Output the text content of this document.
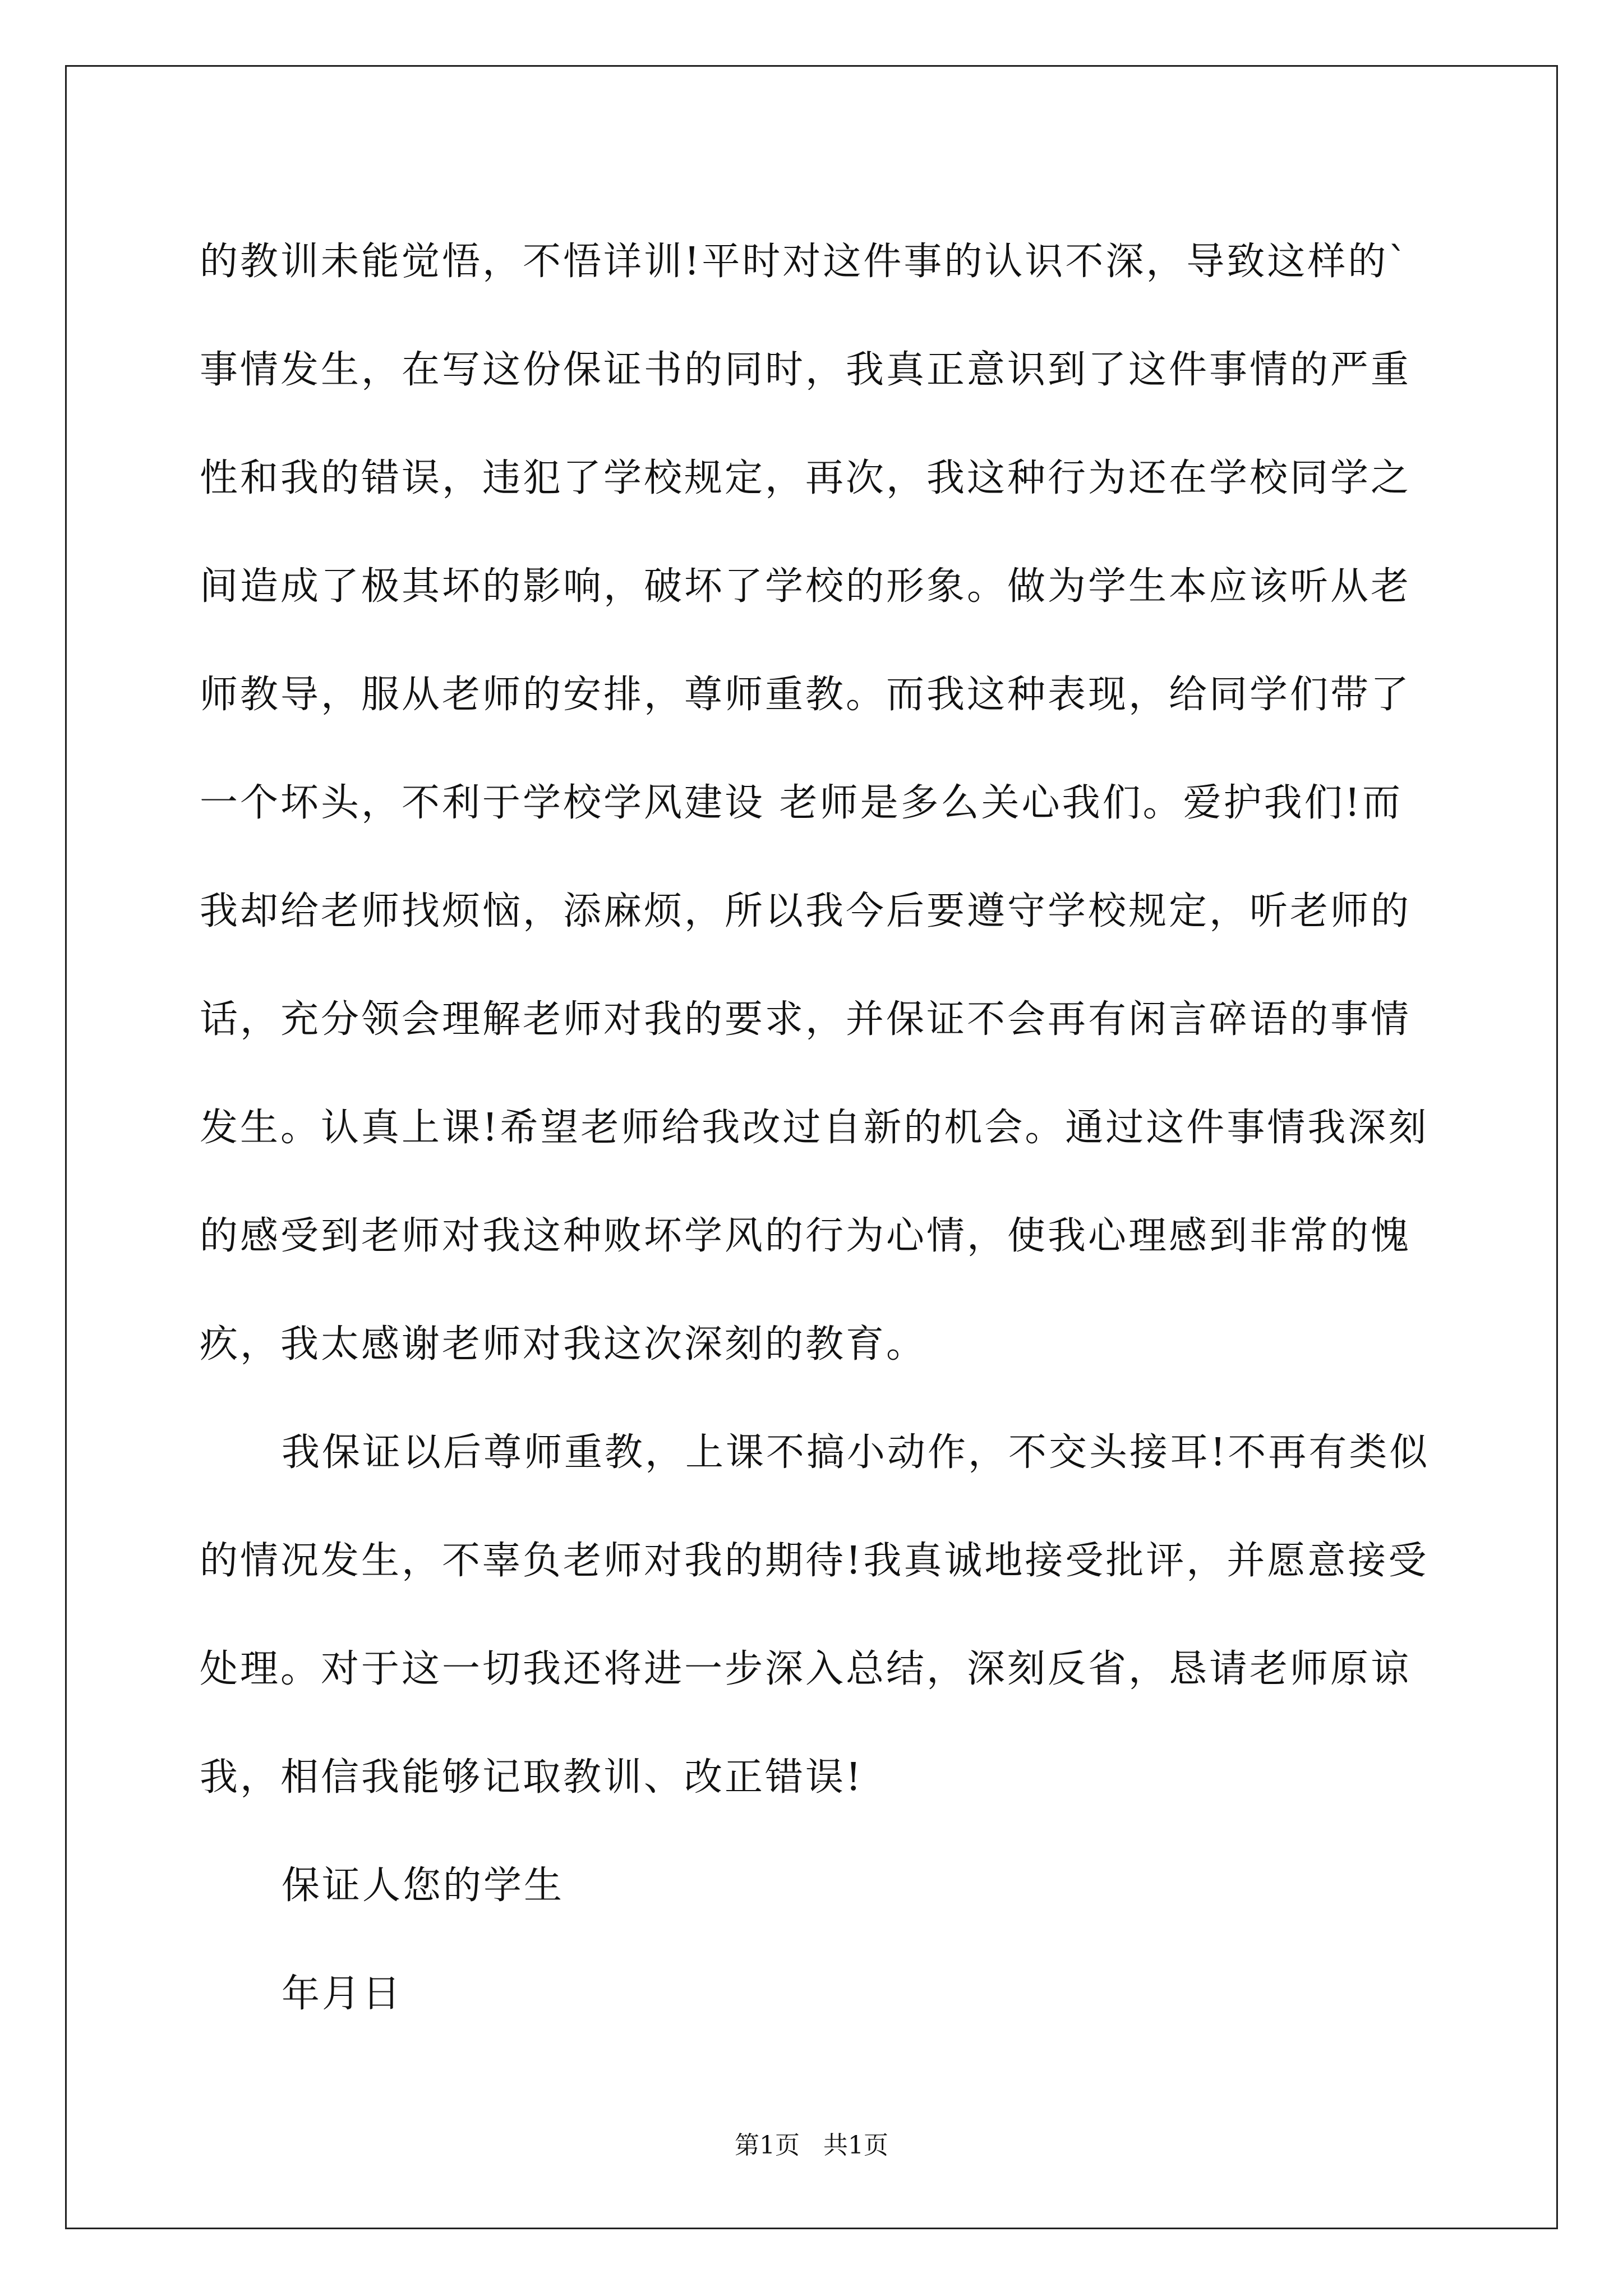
的教训未能觉悟，不悟详训!平时对这件事的认识不深，导致这样的`
事情发生，在写这份保证书的同时，我真正意识到了这件事情的严重
性和我的错误，违犯了学校规定，再次，我这种行为还在学校同学之
间造成了极其坏的影响，破坏了学校的形象。做为学生本应该听从老
师教导，服从老师的安排，尊师重教。而我这种表现，给同学们带了
一个坏头，不利于学校学风建设 老师是多么关心我们。爱护我们!而
我却给老师找烦恼，添麻烦，所以我今后要遵守学校规定，听老师的
话，充分领会理解老师对我的要求，并保证不会再有闲言碎语的事情
发生。认真上课!希望老师给我改过自新的机会。通过这件事情我深刻
的感受到老师对我这种败坏学风的行为心情，使我心理感到非常的愧
疚，我太感谢老师对我这次深刻的教育。
我保证以后尊师重教，上课不搞小动作，不交头接耳!不再有类似
的情况发生，不辜负老师对我的期待!我真诚地接受批评，并愿意接受
处理。对于这一切我还将进一步深入总结，深刻反省，恳请老师原谅
我，相信我能够记取教训、改正错误!
保证人您的学生
年月日
第1页 共1页
